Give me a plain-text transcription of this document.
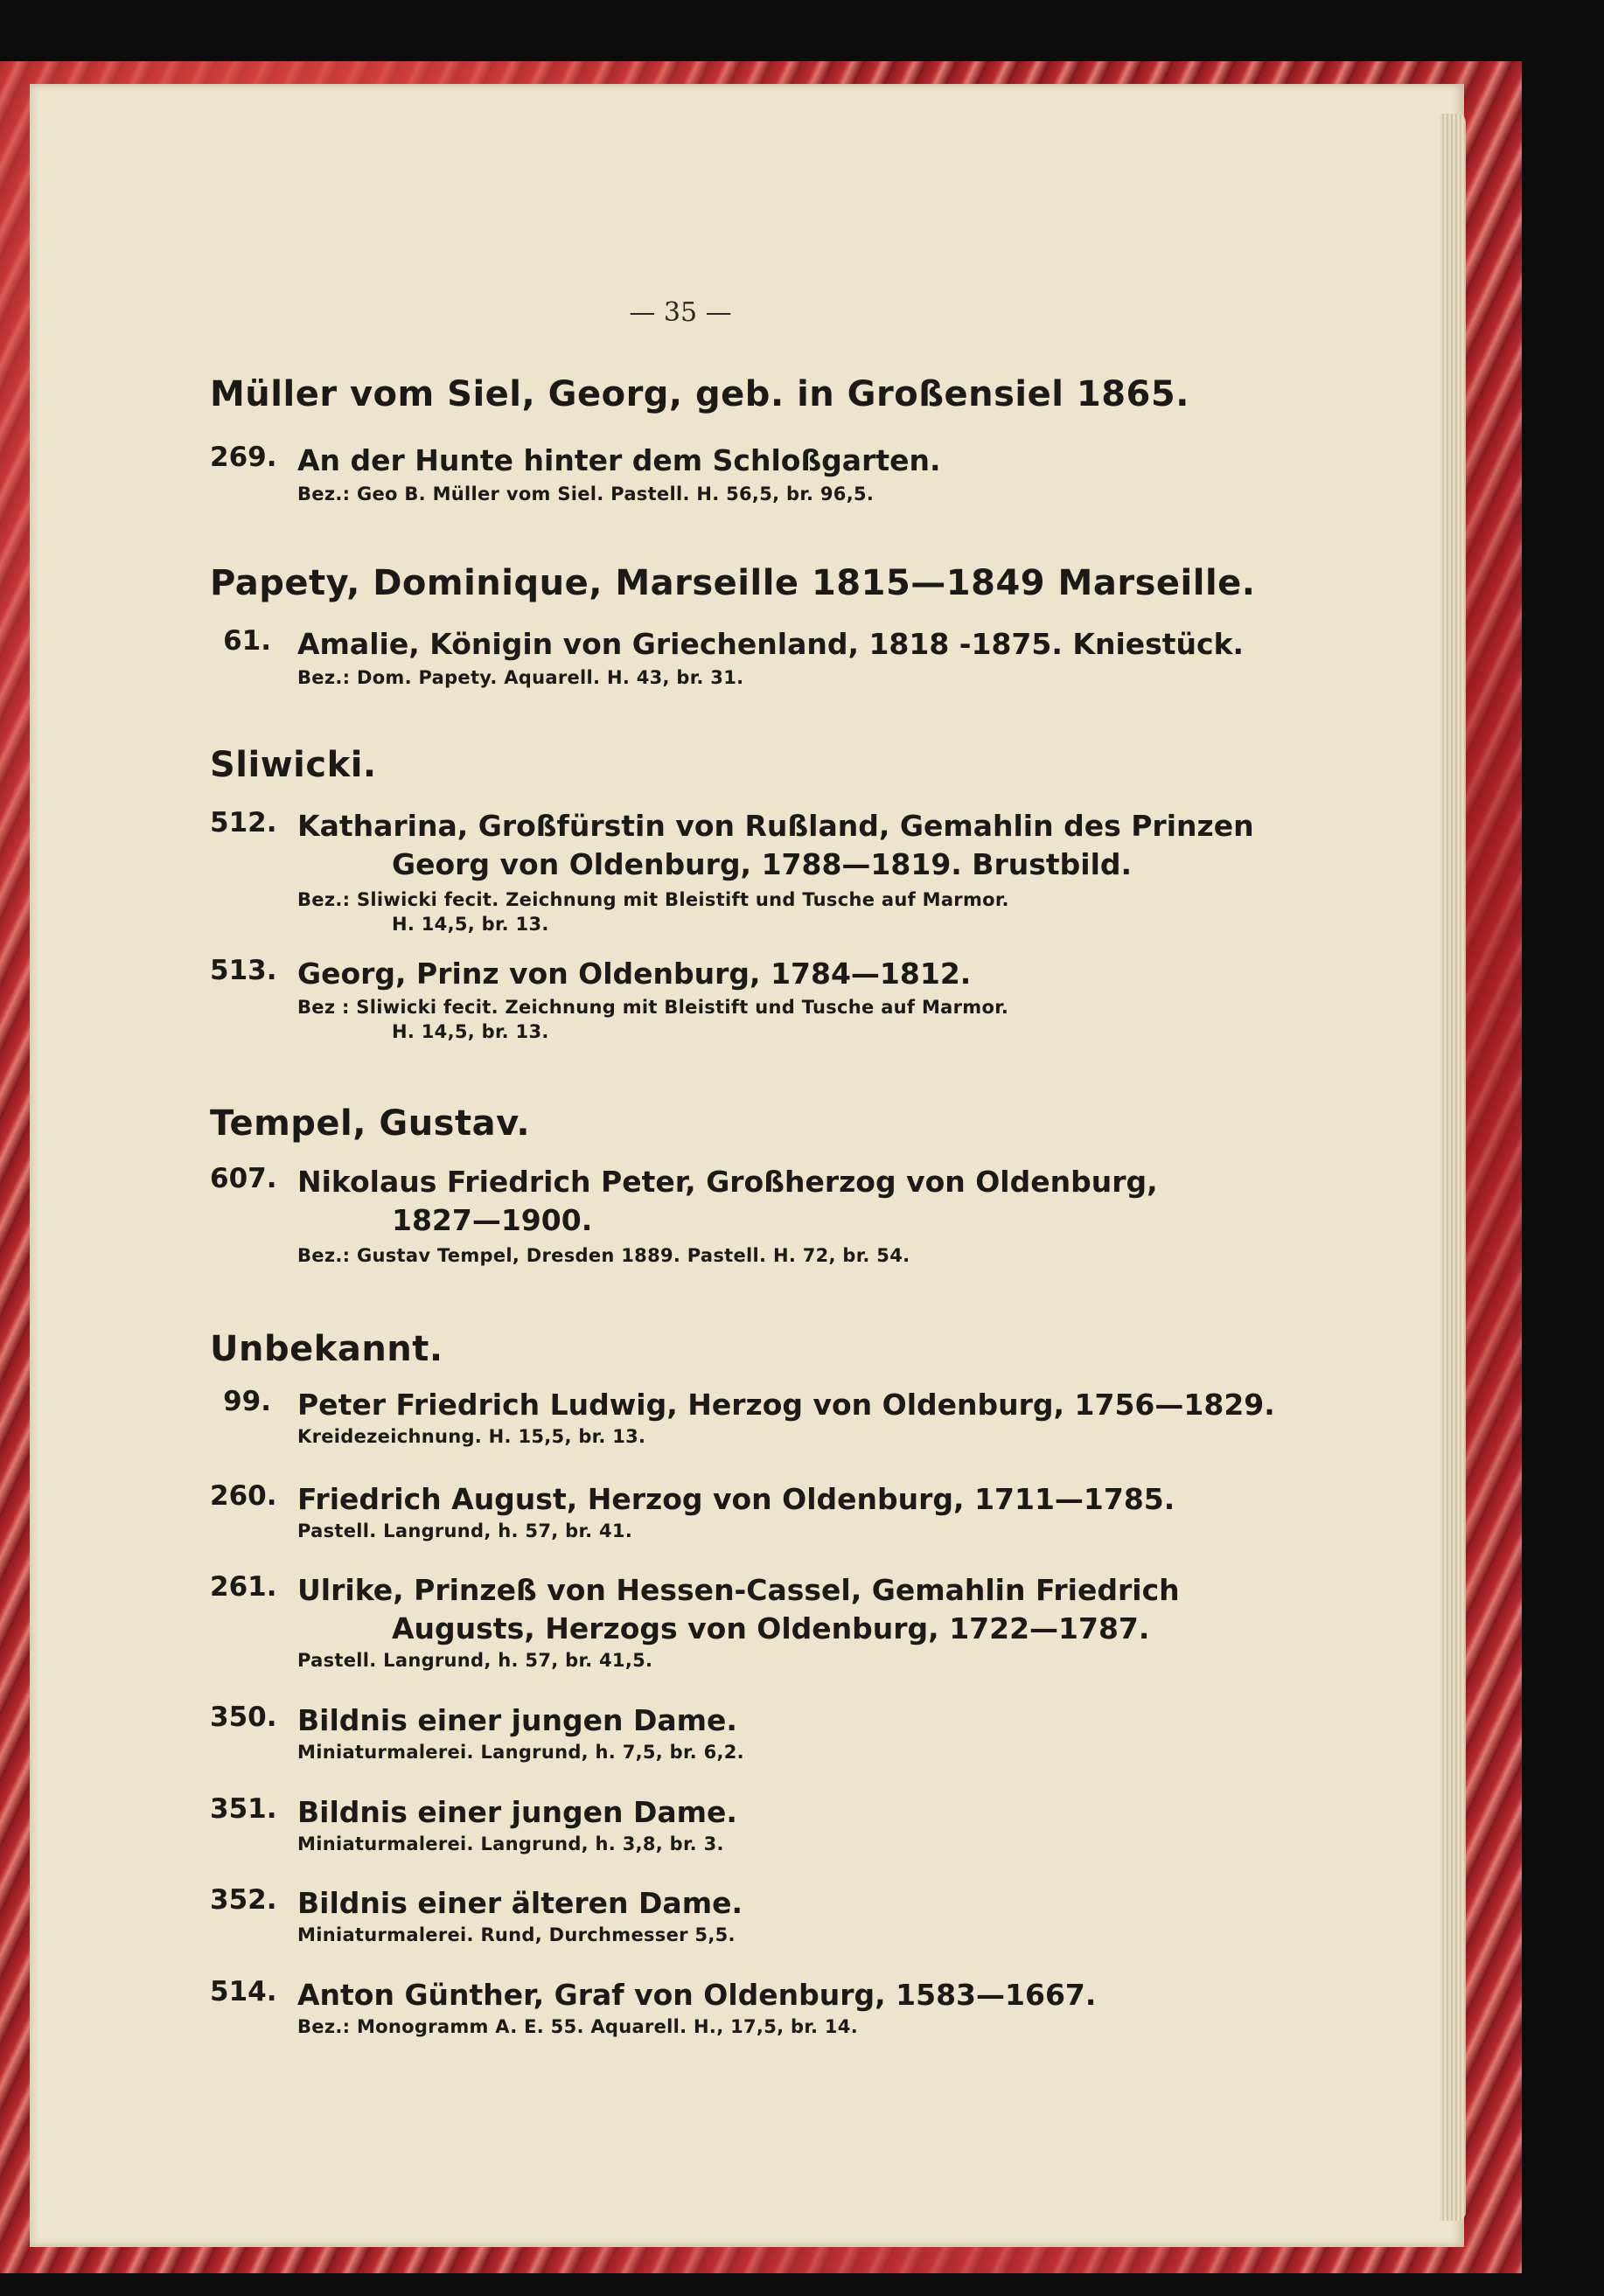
— 35 —
Müller vom Siel, Georg, geb. in Großensiel 1865.
269. An der Hunte hinter dem Schloßgarten.
Bez.: Geo B. Müller vom Siel. Pastell. H. 56,5, br. 96,5.
Papety, Dominique, Marseille 1815—1849 Marseille.
61. Amalie, Königin von Griechenland, 1818 -1875. Kniestück.
Bez.: Dom. Papety. Aquarell. H. 43, br. 31.
Sliwicki.
512. Katharina, Großfürstin von Rußland, Gemahlin des Prinzen
Georg von Oldenburg, 1788—1819. Brustbild.
Bez.: Sliwicki fecit. Zeichnung mit Bleistift und Tusche auf Marmor.
H. 14,5, br. 13.
513. Georg, Prinz von Oldenburg, 1784—1812.
Bez : Sliwicki fecit. Zeichnung mit Bleistift und Tusche auf Marmor.
H. 14,5, br. 13.
Tempel, Gustav.
607. Nikolaus Friedrich Peter, Großherzog von Oldenburg,
1827—1900.
Bez.: Gustav Tempel, Dresden 1889. Pastell. H. 72, br. 54.
Unbekannt.
99. Peter Friedrich Ludwig, Herzog von Oldenburg, 1756—1829.
Kreidezeichnung. H. 15,5, br. 13.
260. Friedrich August, Herzog von Oldenburg, 1711—1785.
Pastell. Langrund, h. 57, br. 41.
261. Ulrike, Prinzeß von Hessen-Cassel, Gemahlin Friedrich
Augusts, Herzogs von Oldenburg, 1722—1787.
Pastell. Langrund, h. 57, br. 41,5.
350. Bildnis einer jungen Dame.
Miniaturmalerei. Langrund, h. 7,5, br. 6,2.
351. Bildnis einer jungen Dame.
Miniaturmalerei. Langrund, h. 3,8, br. 3.
352. Bildnis einer älteren Dame.
Miniaturmalerei. Rund, Durchmesser 5,5.
514. Anton Günther, Graf von Oldenburg, 1583—1667.
Bez.: Monogramm A. E. 55. Aquarell. H., 17,5, br. 14.
